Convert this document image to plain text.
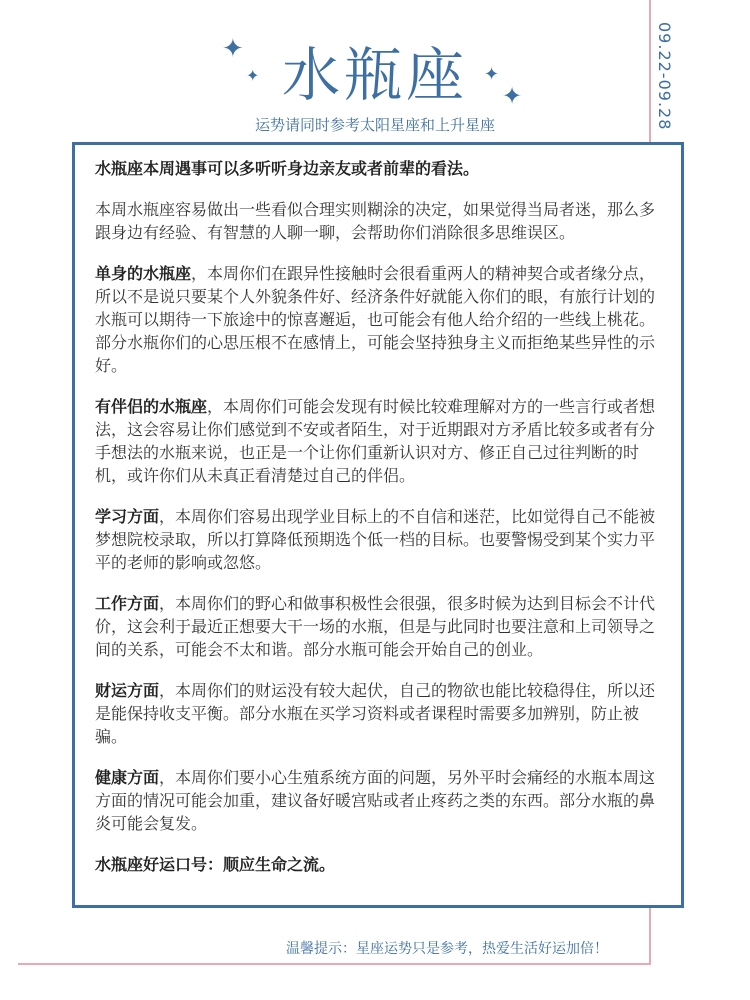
✦
✦	✦
✦
水瓶座
运势请同时参考太阳星座和上升星座	09.22-09.28

水瓶座本周遇事可以多听听身边亲友或者前辈的看法。

本周水瓶座容易做出一些看似合理实则糊涂的决定，如果觉得当局者迷，那么多跟身边有经验、有智慧的人聊一聊，会帮助你们消除很多思维误区。

单身的水瓶座，本周你们在跟异性接触时会很看重两人的精神契合或者缘分点，所以不是说只要某个人外貌条件好、经济条件好就能入你们的眼，有旅行计划的水瓶可以期待一下旅途中的惊喜邂逅，也可能会有他人给介绍的一些线上桃花。部分水瓶你们的心思压根不在感情上，可能会坚持独身主义而拒绝某些异性的示好。

有伴侣的水瓶座，本周你们可能会发现有时候比较难理解对方的一些言行或者想法，这会容易让你们感觉到不安或者陌生，对于近期跟对方矛盾比较多或者有分手想法的水瓶来说，也正是一个让你们重新认识对方、修正自己过往判断的时机，或许你们从未真正看清楚过自己的伴侣。

学习方面，本周你们容易出现学业目标上的不自信和迷茫，比如觉得自己不能被梦想院校录取，所以打算降低预期选个低一档的目标。也要警惕受到某个实力平平的老师的影响或忽悠。

工作方面，本周你们的野心和做事积极性会很强，很多时候为达到目标会不计代价，这会利于最近正想要大干一场的水瓶，但是与此同时也要注意和上司领导之间的关系，可能会不太和谐。部分水瓶可能会开始自己的创业。

财运方面，本周你们的财运没有较大起伏，自己的物欲也能比较稳得住，所以还是能保持收支平衡。部分水瓶在买学习资料或者课程时需要多加辨别，防止被骗。

健康方面，本周你们要小心生殖系统方面的问题，另外平时会痛经的水瓶本周这方面的情况可能会加重，建议备好暖宫贴或者止疼药之类的东西。部分水瓶的鼻炎可能会复发。

水瓶座好运口号：顺应生命之流。

温馨提示：星座运势只是参考，热爱生活好运加倍！
